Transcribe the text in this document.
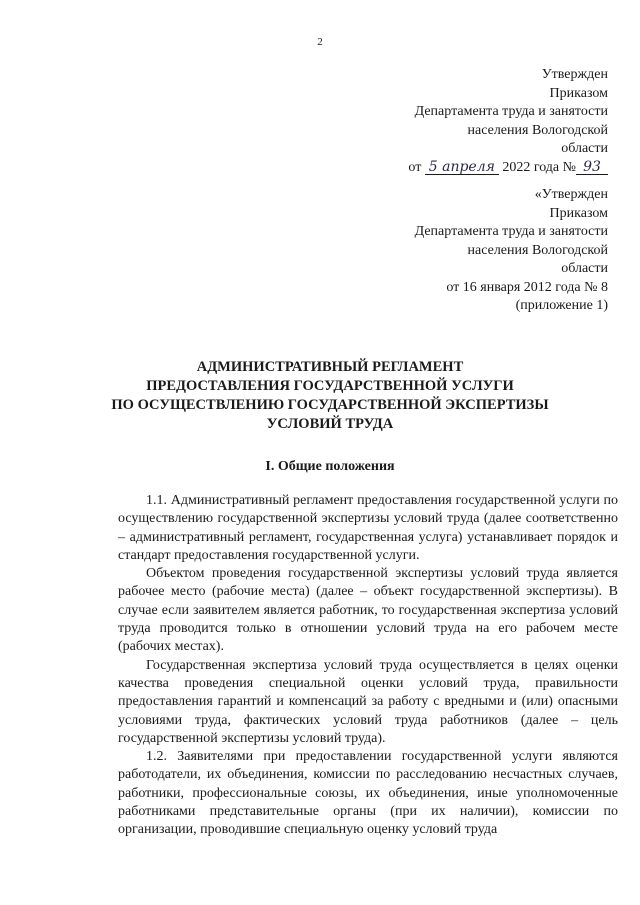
2
Утвержден
Приказом
Департамента труда и занятости
населения Вологодской
области
от 5 апреля 2022 года № 93
«Утвержден
Приказом
Департамента труда и занятости
населения Вологодской
области
от 16 января 2012 года № 8
(приложение 1)
АДМИНИСТРАТИВНЫЙ РЕГЛАМЕНТ
ПРЕДОСТАВЛЕНИЯ ГОСУДАРСТВЕННОЙ УСЛУГИ
ПО ОСУЩЕСТВЛЕНИЮ ГОСУДАРСТВЕННОЙ ЭКСПЕРТИЗЫ
УСЛОВИЙ ТРУДА
I. Общие положения

1.1. Административный регламент предоставления государственной услуги по осуществлению государственной экспертизы условий труда (далее соответственно – административный регламент, государственная услуга) устанавливает порядок и стандарт предоставления государственной услуги.

Объектом проведения государственной экспертизы условий труда является рабочее место (рабочие места) (далее – объект государственной экспертизы). В случае если заявителем является работник, то государственная экспертиза условий труда проводится только в отношении условий труда на его рабочем месте (рабочих местах).

Государственная экспертиза условий труда осуществляется в целях оценки качества проведения специальной оценки условий труда, правильности предоставления гарантий и компенсаций за работу с вредными и (или) опасными условиями труда, фактических условий труда работников (далее – цель государственной экспертизы условий труда).

1.2. Заявителями при предоставлении государственной услуги являются работодатели, их объединения, комиссии по расследованию несчастных случаев, работники, профессиональные союзы, их объединения, иные уполномоченные работниками представительные органы (при их наличии), комиссии по организации, проводившие специальную оценку условий труда
